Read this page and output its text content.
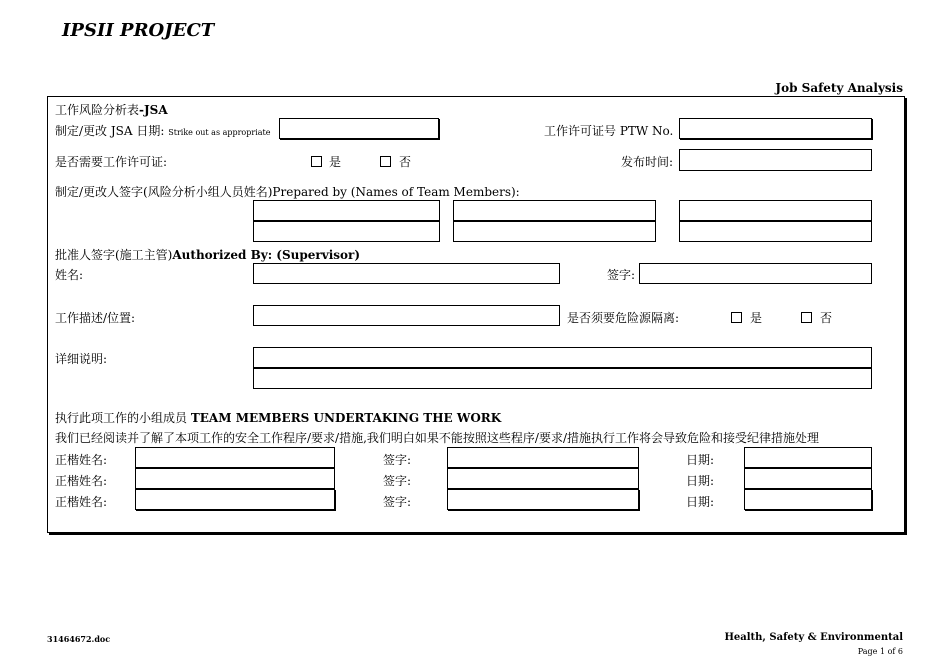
IPSII PROJECT
Job Safety Analysis
工作风险分析表-JSA
制定/更改 JSA 日期: Strike out as appropriate	工作许可证号 PTW No.
是否需要工作许可证:	是	否	发布时间:
制定/更改人签字(风险分析小组人员姓名)Prepared by (Names of Team Members):
批准人签字(施工主管)Authorized By: (Supervisor)
姓名:	签字:
工作描述/位置:	是否须要危险源隔离:	是	否
详细说明:
执行此项工作的小组成员 TEAM MEMBERS UNDERTAKING THE WORK
我们已经阅读并了解了本项工作的安全工作程序/要求/措施,我们明白如果不能按照这些程序/要求/措施执行工作将会导致危险和接受纪律措施处理
正楷姓名:	签字:	日期:
正楷姓名:	签字:	日期:
正楷姓名:	签字:	日期:
31464672.doc	Health, Safety & Environmental
Page 1 of 6
